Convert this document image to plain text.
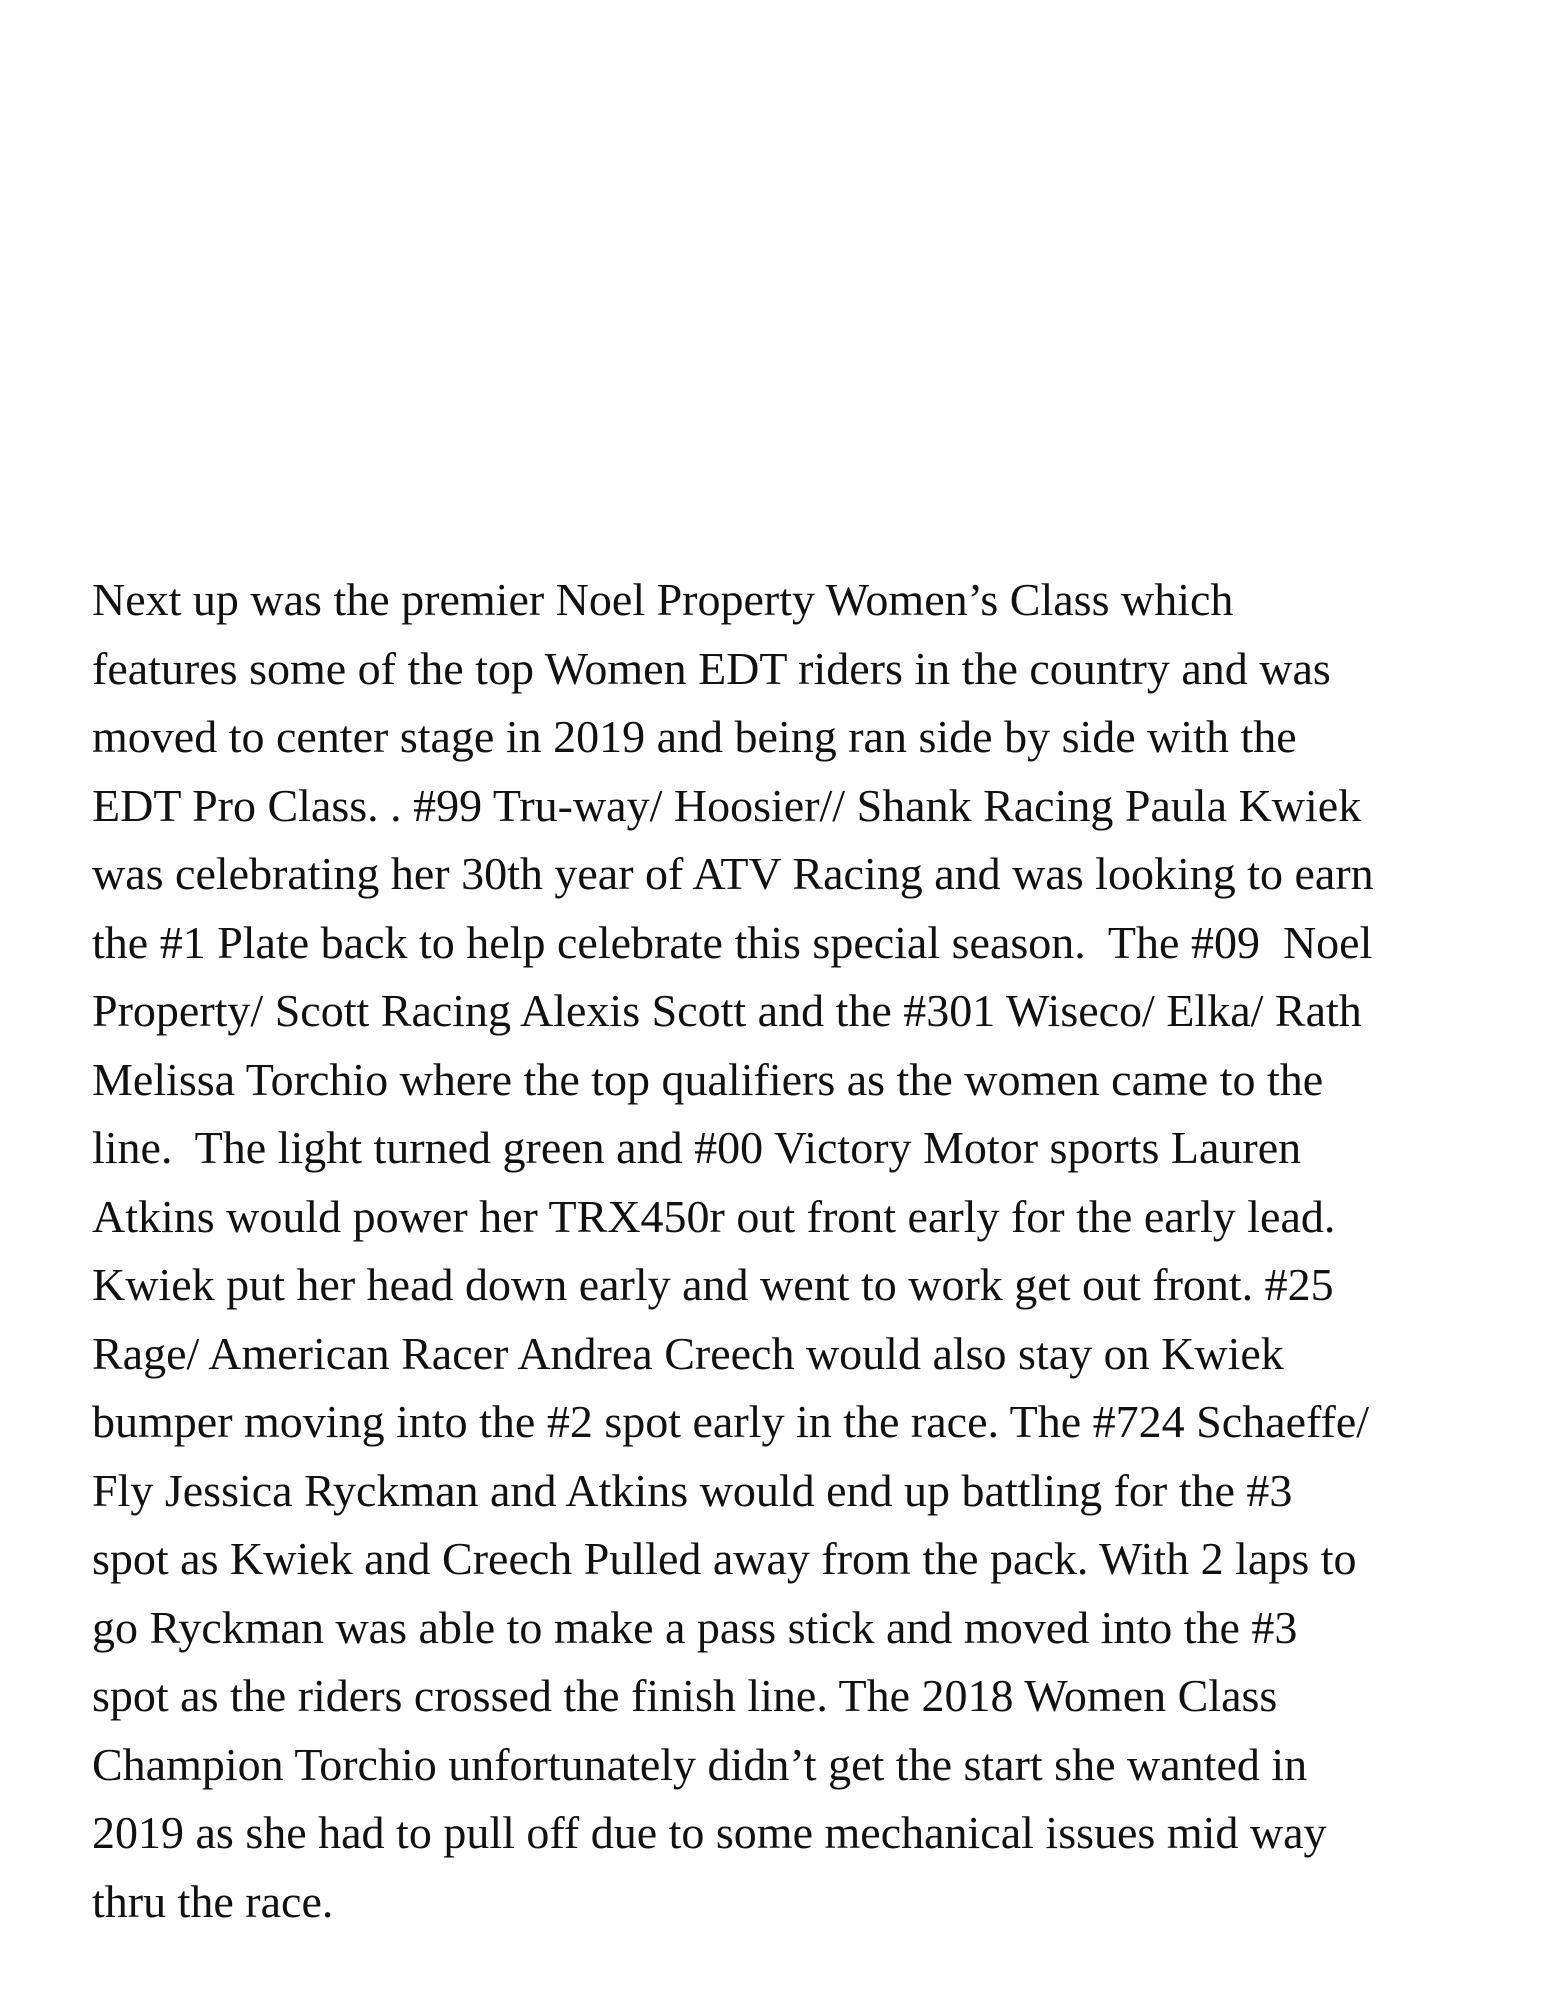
Next up was the premier Noel Property Women’s Class which
features some of the top Women EDT riders in the country and was
moved to center stage in 2019 and being ran side by side with the
EDT Pro Class. . #99 Tru-way/ Hoosier// Shank Racing Paula Kwiek
was celebrating her 30th year of ATV Racing and was looking to earn
the #1 Plate back to help celebrate this special season.  The #09  Noel
Property/ Scott Racing Alexis Scott and the #301 Wiseco/ Elka/ Rath
Melissa Torchio where the top qualifiers as the women came to the
line.  The light turned green and #00 Victory Motor sports Lauren
Atkins would power her TRX450r out front early for the early lead.
Kwiek put her head down early and went to work get out front. #25
Rage/ American Racer Andrea Creech would also stay on Kwiek
bumper moving into the #2 spot early in the race. The #724 Schaeffe/
Fly Jessica Ryckman and Atkins would end up battling for the #3
spot as Kwiek and Creech Pulled away from the pack. With 2 laps to
go Ryckman was able to make a pass stick and moved into the #3
spot as the riders crossed the finish line. The 2018 Women Class
Champion Torchio unfortunately didn’t get the start she wanted in
2019 as she had to pull off due to some mechanical issues mid way
thru the race.
